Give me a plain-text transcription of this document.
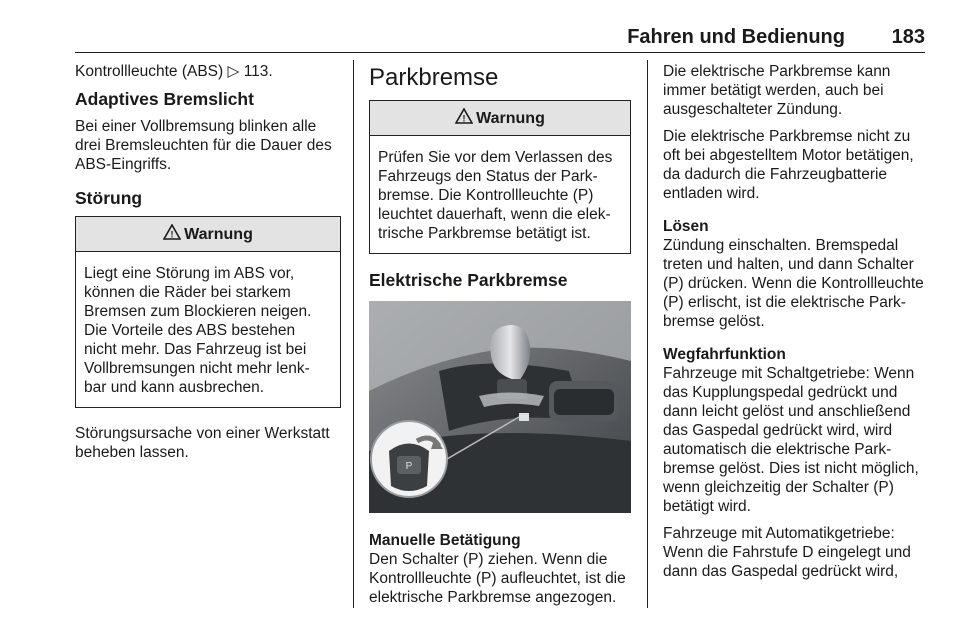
Fahren und Bedienung 183

Kontrollleuchte (ABS) ▷ 113.

Adaptives Bremslicht

Bei einer Vollbremsung blinken alle drei Bremsleuchten für die Dauer des ABS-Eingriffs.

Störung
! Warnung
Liegt eine Störung im ABS vor, können die Räder bei starkem Bremsen zum Blockieren neigen. Die Vorteile des ABS bestehen nicht mehr. Das Fahrzeug ist bei Vollbremsungen nicht mehr lenk- bar und kann ausbrechen.

Störungsursache von einer Werkstatt beheben lassen.

Parkbremse
! Warnung
Prüfen Sie vor dem Verlassen des Fahrzeugs den Status der Park- bremse. Die Kontrollleuchte (P) leuchtet dauerhaft, wenn die elek- trische Parkbremse betätigt ist.
Elektrische Parkbremse
P
Manuelle Betätigung

Den Schalter (P) ziehen. Wenn die Kontrollleuchte (P) aufleuchtet, ist die elektrische Parkbremse angezogen.

Die elektrische Parkbremse kann immer betätigt werden, auch bei ausgeschalteter Zündung.

Die elektrische Parkbremse nicht zu oft bei abgestelltem Motor betätigen, da dadurch die Fahrzeugbatterie entladen wird.

Lösen

Zündung einschalten. Bremspedal treten und halten, und dann Schalter (P) drücken. Wenn die Kontrollleuchte (P) erlischt, ist die elektrische Park- bremse gelöst.

Wegfahrfunktion

Fahrzeuge mit Schaltgetriebe: Wenn das Kupplungspedal gedrückt und dann leicht gelöst und anschließend das Gaspedal gedrückt wird, wird automatisch die elektrische Park- bremse gelöst. Dies ist nicht möglich, wenn gleichzeitig der Schalter (P) betätigt wird.

Fahrzeuge mit Automatikgetriebe: Wenn die Fahrstufe D eingelegt und dann das Gaspedal gedrückt wird,
